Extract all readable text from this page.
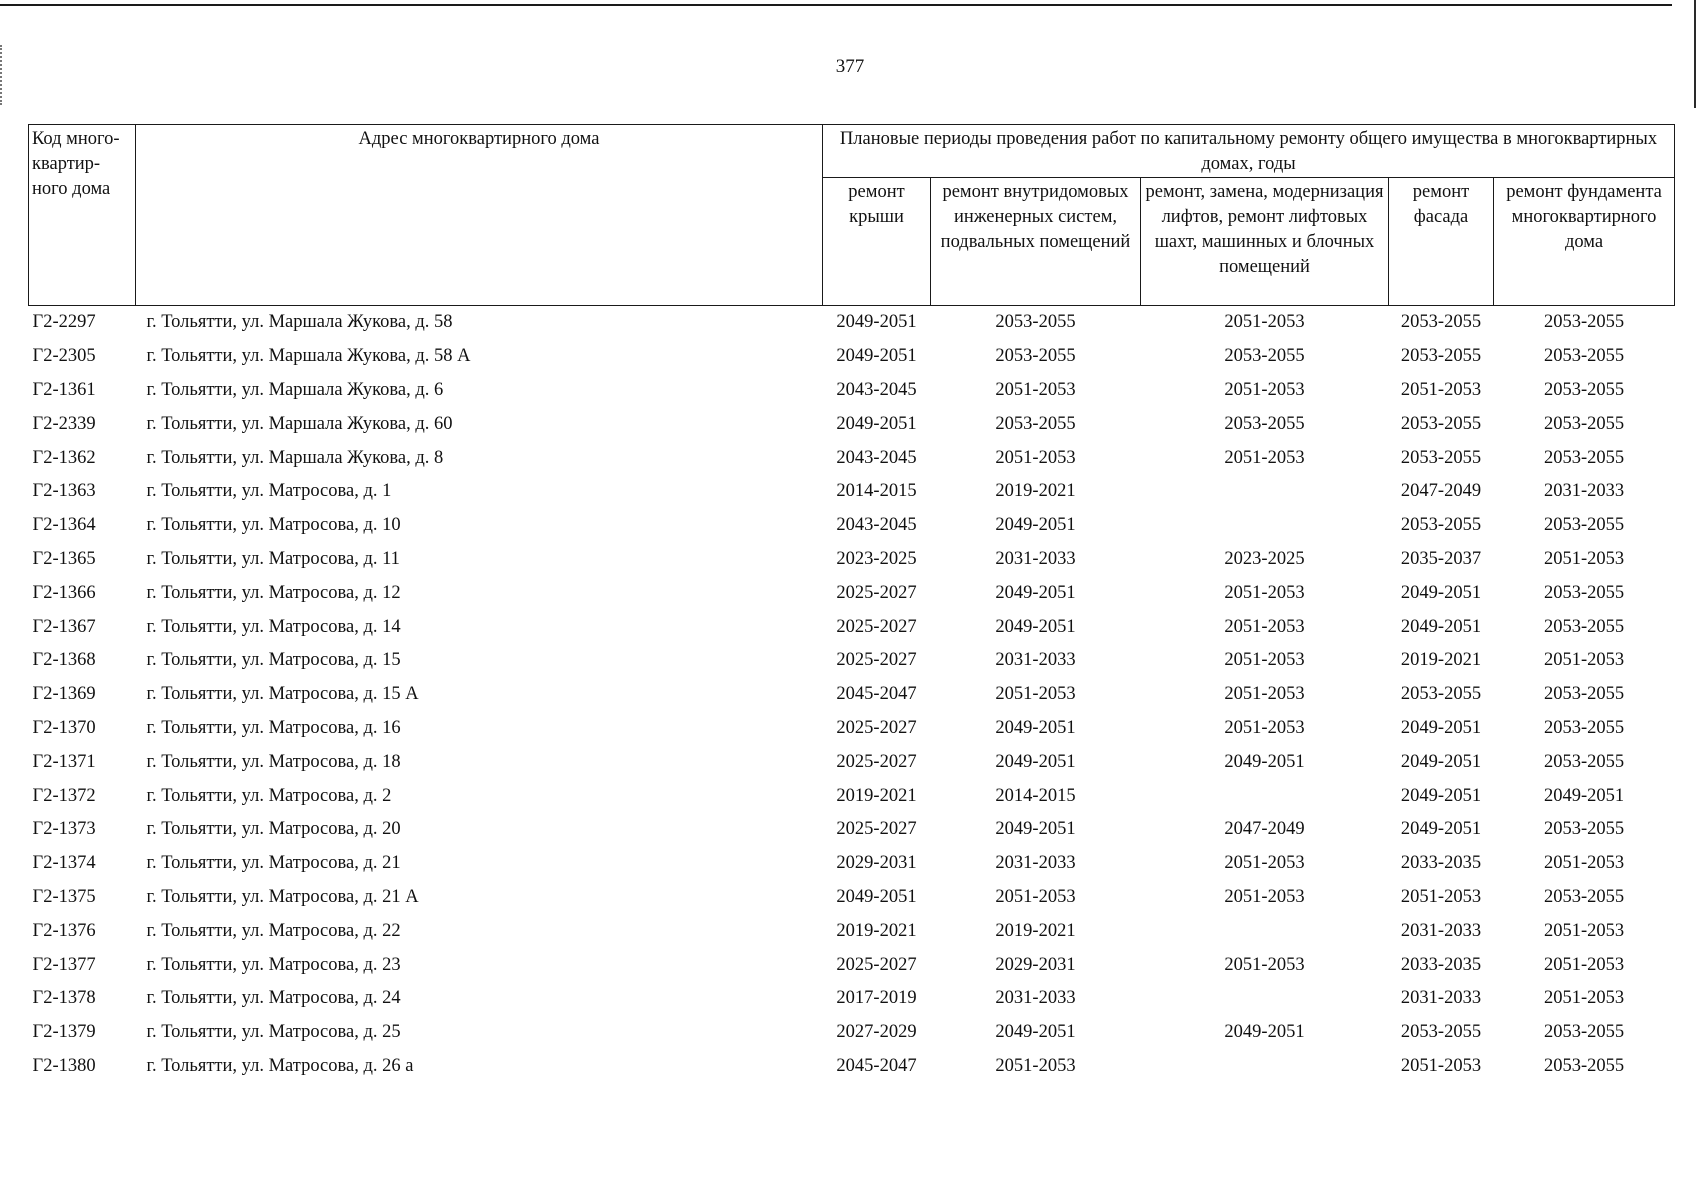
377
Код много-квартир-ного дома	Адрес многоквартирного дома	Плановые периоды проведения работ по капитальному ремонту общего имущества в многоквартирных домах, годы				
		ремонт крыши	ремонт внутридомовых инженерных систем, подвальных помещений	ремонт, замена, модернизация лифтов, ремонт лифтовых шахт, машинных и блочных помещений	ремонт фасада	ремонт фундамента многоквартирного дома
Г2-2297	г. Тольятти, ул. Маршала Жукова, д. 58	2049-2051	2053-2055	2051-2053	2053-2055	2053-2055
Г2-2305	г. Тольятти, ул. Маршала Жукова, д. 58 А	2049-2051	2053-2055	2053-2055	2053-2055	2053-2055
Г2-1361	г. Тольятти, ул. Маршала Жукова, д. 6	2043-2045	2051-2053	2051-2053	2051-2053	2053-2055
Г2-2339	г. Тольятти, ул. Маршала Жукова, д. 60	2049-2051	2053-2055	2053-2055	2053-2055	2053-2055
Г2-1362	г. Тольятти, ул. Маршала Жукова, д. 8	2043-2045	2051-2053	2051-2053	2053-2055	2053-2055
Г2-1363	г. Тольятти, ул. Матросова, д. 1	2014-2015	2019-2021		2047-2049	2031-2033
Г2-1364	г. Тольятти, ул. Матросова, д. 10	2043-2045	2049-2051		2053-2055	2053-2055
Г2-1365	г. Тольятти, ул. Матросова, д. 11	2023-2025	2031-2033	2023-2025	2035-2037	2051-2053
Г2-1366	г. Тольятти, ул. Матросова, д. 12	2025-2027	2049-2051	2051-2053	2049-2051	2053-2055
Г2-1367	г. Тольятти, ул. Матросова, д. 14	2025-2027	2049-2051	2051-2053	2049-2051	2053-2055
Г2-1368	г. Тольятти, ул. Матросова, д. 15	2025-2027	2031-2033	2051-2053	2019-2021	2051-2053
Г2-1369	г. Тольятти, ул. Матросова, д. 15 А	2045-2047	2051-2053	2051-2053	2053-2055	2053-2055
Г2-1370	г. Тольятти, ул. Матросова, д. 16	2025-2027	2049-2051	2051-2053	2049-2051	2053-2055
Г2-1371	г. Тольятти, ул. Матросова, д. 18	2025-2027	2049-2051	2049-2051	2049-2051	2053-2055
Г2-1372	г. Тольятти, ул. Матросова, д. 2	2019-2021	2014-2015		2049-2051	2049-2051
Г2-1373	г. Тольятти, ул. Матросова, д. 20	2025-2027	2049-2051	2047-2049	2049-2051	2053-2055
Г2-1374	г. Тольятти, ул. Матросова, д. 21	2029-2031	2031-2033	2051-2053	2033-2035	2051-2053
Г2-1375	г. Тольятти, ул. Матросова, д. 21 А	2049-2051	2051-2053	2051-2053	2051-2053	2053-2055
Г2-1376	г. Тольятти, ул. Матросова, д. 22	2019-2021	2019-2021		2031-2033	2051-2053
Г2-1377	г. Тольятти, ул. Матросова, д. 23	2025-2027	2029-2031	2051-2053	2033-2035	2051-2053
Г2-1378	г. Тольятти, ул. Матросова, д. 24	2017-2019	2031-2033		2031-2033	2051-2053
Г2-1379	г. Тольятти, ул. Матросова, д. 25	2027-2029	2049-2051	2049-2051	2053-2055	2053-2055
Г2-1380	г. Тольятти, ул. Матросова, д. 26 а	2045-2047	2051-2053		2051-2053	2053-2055
